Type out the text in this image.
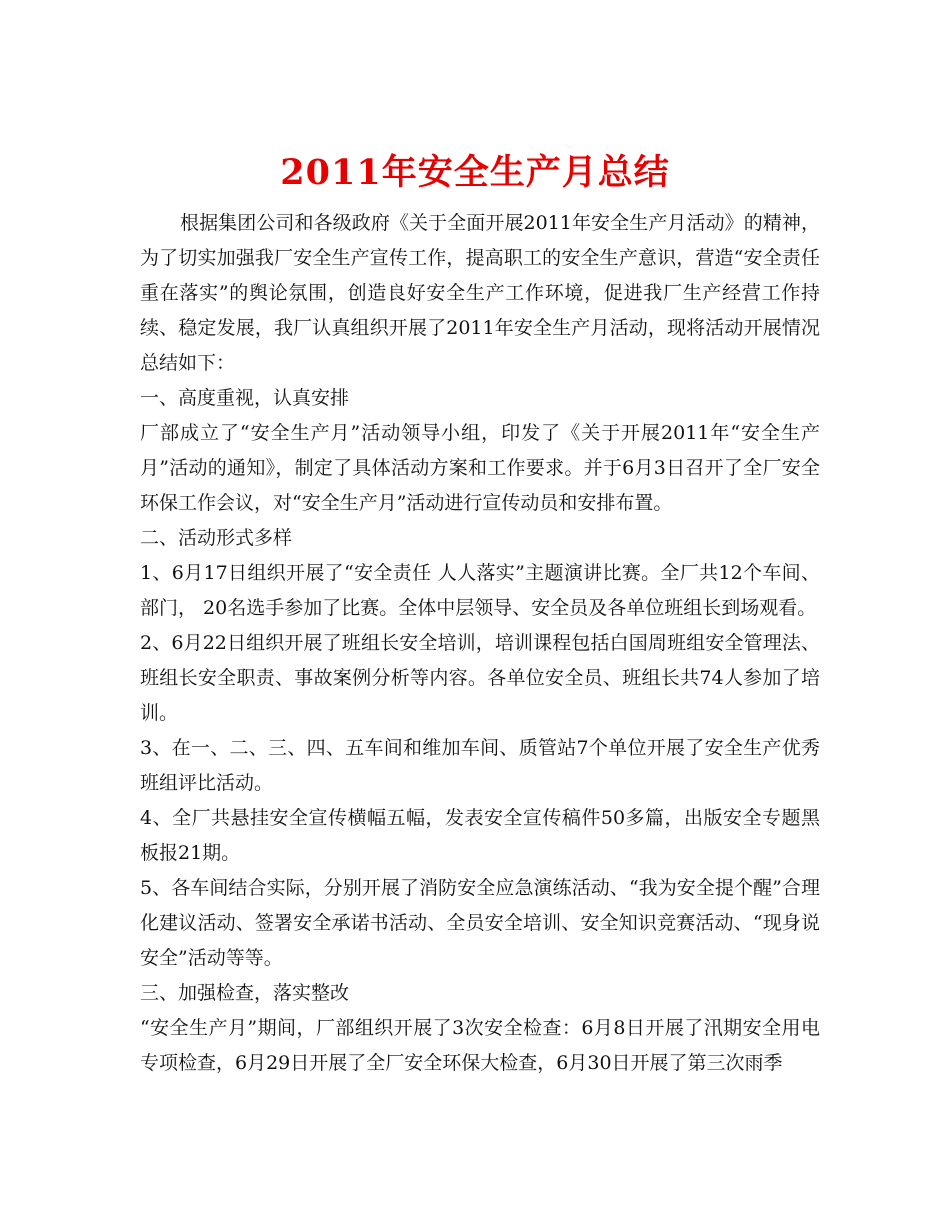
2011年安全生产月总结

根据集团公司和各级政府《关于全面开展2011年安全生产月活动》的精神，为了切实加强我厂安全生产宣传工作，提高职工的安全生产意识，营造“安全责任重在落实”的舆论氛围，创造良好安全生产工作环境，促进我厂生产经营工作持续、稳定发展，我厂认真组织开展了2011年安全生产月活动，现将活动开展情况总结如下：

一、高度重视，认真安排

厂部成立了“安全生产月”活动领导小组，印发了《关于开展2011年“安全生产月”活动的通知》，制定了具体活动方案和工作要求。并于6月3日召开了全厂安全环保工作会议，对“安全生产月”活动进行宣传动员和安排布置。

二、活动形式多样

1、6月17日组织开展了“安全责任 人人落实”主题演讲比赛。全厂共12个车间、部门， 20名选手参加了比赛。全体中层领导、安全员及各单位班组长到场观看。

2、6月22日组织开展了班组长安全培训，培训课程包括白国周班组安全管理法、班组长安全职责、事故案例分析等内容。各单位安全员、班组长共74人参加了培训。

3、在一、二、三、四、五车间和维加车间、质管站7个单位开展了安全生产优秀班组评比活动。

4、全厂共悬挂安全宣传横幅五幅，发表安全宣传稿件50多篇，出版安全专题黑板报21期。

5、各车间结合实际，分别开展了消防安全应急演练活动、“我为安全提个醒”合理化建议活动、签署安全承诺书活动、全员安全培训、安全知识竞赛活动、“现身说安全”活动等等。

三、加强检查，落实整改

“安全生产月”期间，厂部组织开展了3次安全检查：6月8日开展了汛期安全用电专项检查，6月29日开展了全厂安全环保大检查，6月30日开展了第三次雨季
